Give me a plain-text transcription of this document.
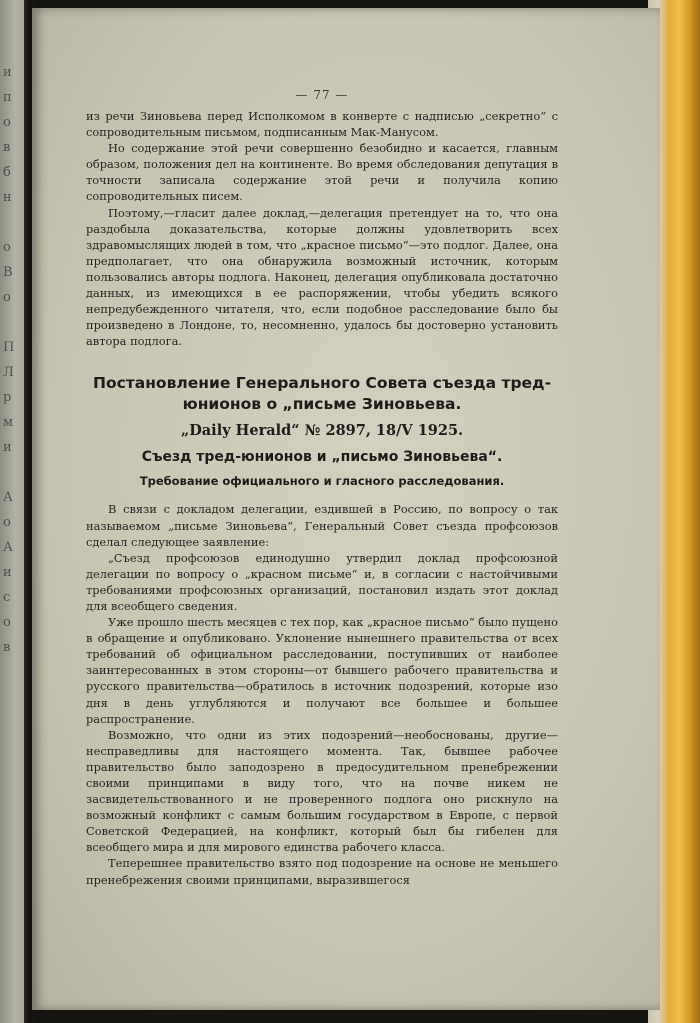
и
п
о
в
б
н

о
В
о

П
Л
р
м
и

А
о
А
и
с
о
в
— 77 —

из речи Зиновьева перед Исполкомом в конверте с надписью „секретно“ с сопроводительным письмом, подписанным Мак-Манусом.

Но содержание этой речи совершенно безобидно и касается, главным образом, положения дел на континенте. Во время обследования депутация в точности записала содержание этой речи и получила копию сопроводительных писем.

Поэтому,—гласит далее доклад,—делегация претендует на то, что она раздобыла доказательства, которые должны удовлетворить всех здравомыслящих людей в том, что „красное письмо“—это подлог. Далее, она предполагает, что она обнаружила возможный источник, которым пользовались авторы подлога. Наконец, делегация опубликовала достаточно данных, из имеющихся в ее распоряжении, чтобы убедить всякого непредубежденного читателя, что, если подобное расследование было бы произведено в Лондоне, то, несомненно, удалось бы достоверно установить автора подлога.

Постановление Генерального Совета съезда тред-юнионов о „письме Зиновьева.
„Daily Herald“ № 2897, 18/V 1925.
Съезд тред-юнионов и „письмо Зиновьева“.
Требование официального и гласного расследования.

В связи с докладом делегации, ездившей в Россию, по вопросу о так называемом „письме Зиновьева“, Генеральный Совет съезда профсоюзов сделал следующее заявление:

„Съезд профсоюзов единодушно утвердил доклад профсоюзной делегации по вопросу о „красном письме“ и, в согласии с настойчивыми требованиями профсоюзных организаций, постановил издать этот доклад для всеобщего сведения.

Уже прошло шесть месяцев с тех пор, как „красное письмо“ было пущено в обращение и опубликовано. Уклонение нынешнего правительства от всех требований об официальном расследовании, поступивших от наиболее заинтересованных в этом стороны—от бывшего рабочего правительства и русского правительства—обратилось в источник подозрений, которые изо дня в день углубляются и получают все большее и большее распространение.

Возможно, что одни из этих подозрений—необоснованы, другие—несправедливы для настоящего момента. Так, бывшее рабочее правительство было заподозрено в предосудительном пренебрежении своими принципами в виду того, что на почве никем не засвидетельствованного и не проверенного подлога оно рискнуло на возможный конфликт с самым большим государством в Европе, с первой Советской Федерацией, на конфликт, который был бы гибелен для всеобщего мира и для мирового единства рабочего класса.

Теперешнее правительство взято под подозрение на основе не меньшего пренебрежения своими принципами, выразившегося
